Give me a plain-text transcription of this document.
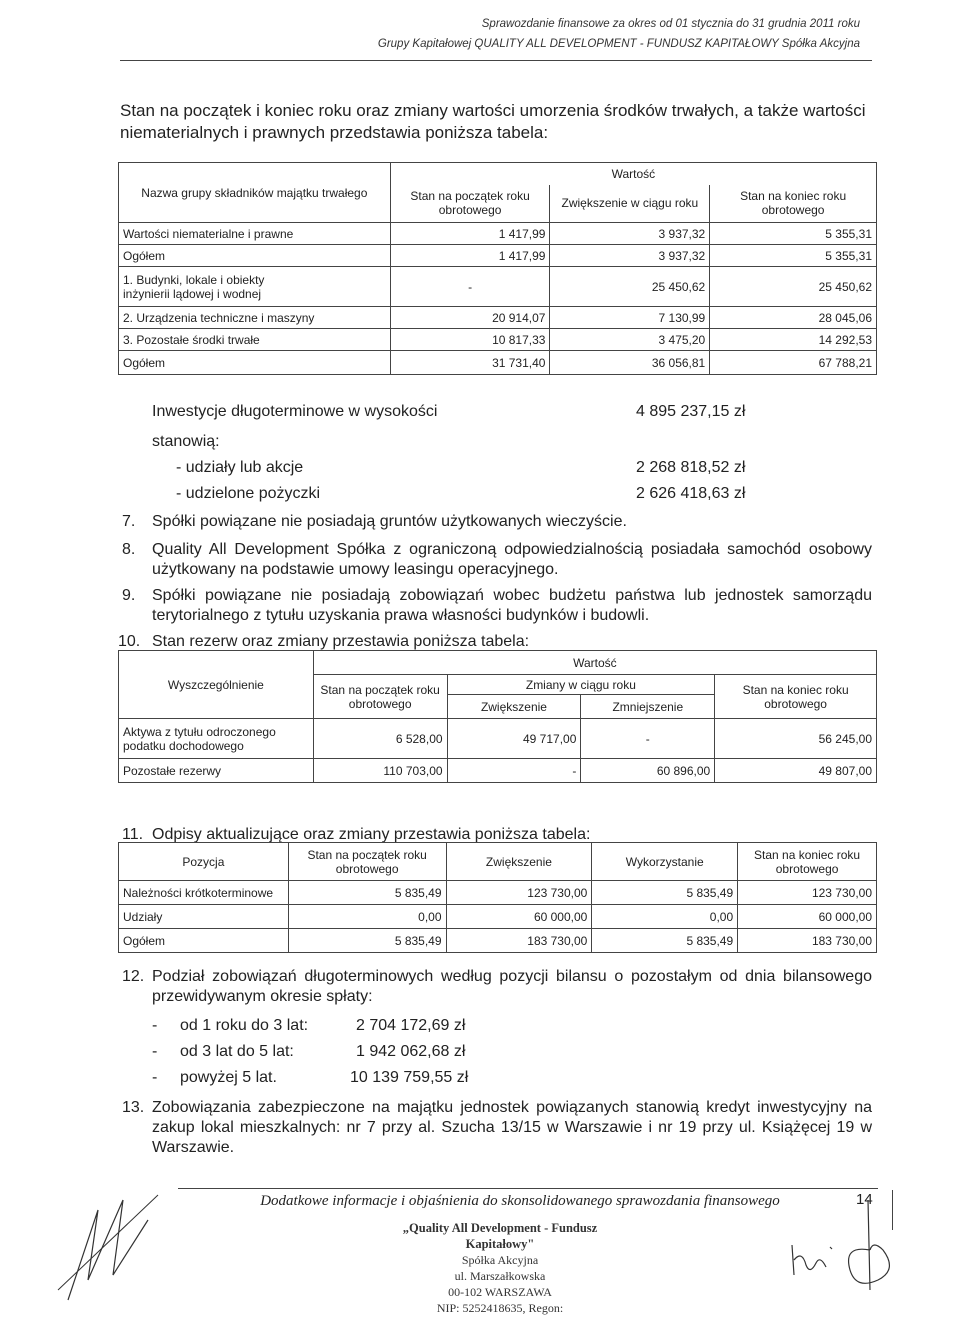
Sprawozdanie finansowe za okres od 01 stycznia do 31 grudnia 2011 roku
Grupy Kapitałowej QUALITY ALL DEVELOPMENT - FUNDUSZ KAPITAŁOWY Spółka Akcyjna
Stan na początek i koniec roku oraz zmiany wartości umorzenia środków trwałych, a także wartości niematerialnych i prawnych przedstawia poniższa tabela:
Nazwa grupy składników majątku trwałego	Wartość		
	Stan na początek roku obrotowego	Zwiększenie w ciągu roku	Stan na koniec roku obrotowego
Wartości niematerialne i prawne	1 417,99	3 937,32	5 355,31
Ogółem	1 417,99	3 937,32	5 355,31
1. Budynki, lokale i obiekty inżynierii lądowej i wodnej	-	25 450,62	25 450,62
2. Urządzenia techniczne i maszyny	20 914,07	7 130,99	28 045,06
3. Pozostałe środki trwałe	10 817,33	3 475,20	14 292,53
Ogółem	31 731,40	36 056,81	67 788,21
Inwestycje długoterminowe w wysokości	4 895 237,15 zł
stanowią:
- udziały lub akcje	2 268 818,52 zł
- udzielone pożyczki	2 626 418,63 zł
7. Spółki powiązane nie posiadają gruntów użytkowanych wieczyście.
8. Quality All Development Spółka z ograniczoną odpowiedzialnością posiadała samochód osobowy użytkowany na podstawie umowy leasingu operacyjnego.
9. Spółki powiązane nie posiadają zobowiązań wobec budżetu państwa lub jednostek samorządu terytorialnego z tytułu uzyskania prawa własności budynków i budowli.
10. Stan rezerw oraz zmiany przestawia poniższa tabela:
Wyszczególnienie	Wartość			
	Stan na początek roku obrotowego	Zmiany w ciągu roku		Stan na koniec roku obrotowego
		Zwiększenie	Zmniejszenie	
Aktywa z tytułu odroczonego podatku dochodowego	6 528,00	49 717,00	-	56 245,00
Pozostałe rezerwy	110 703,00	-	60 896,00	49 807,00
11. Odpisy aktualizujące oraz zmiany przestawia poniższa tabela:
Pozycja	Stan na początek roku obrotowego	Zwiększenie	Wykorzystanie	Stan na koniec roku obrotowego
Należności krótkoterminowe	5 835,49	123 730,00	5 835,49	123 730,00
Udziały	0,00	60 000,00	0,00	60 000,00
Ogółem	5 835,49	183 730,00	5 835,49	183 730,00
12. Podział zobowiązań długoterminowych według pozycji bilansu o pozostałym od dnia bilansowego przewidywanym okresie spłaty:
- od 1 roku do 3 lat:	2 704 172,69 zł
- od 3 lat do 5 lat:	1 942 062,68 zł
- powyżej 5 lat.	10 139 759,55 zł
13. Zobowiązania zabezpieczone na majątku jednostek powiązanych stanowią kredyt inwestycyjny na zakup lokal mieszkalnych: nr 7 przy al. Szucha 13/15 w Warszawie i nr 19 przy ul. Książęcej 19 w Warszawie.
Dodatkowe informacje i objaśnienia do skonsolidowanego sprawozdania finansowego	14
„Quality All Development - Fundusz Kapitałowy"
Spółka Akcyjna
ul. Marszałkowska
00-102 WARSZAWA
NIP: 5252418635, Regon:
